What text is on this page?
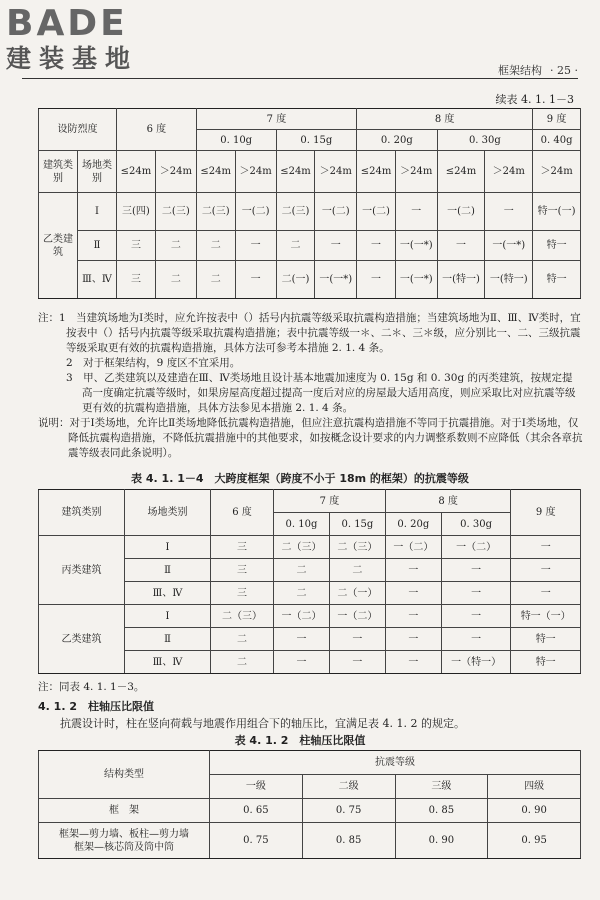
BADE
建装基地	框架结构 · 25 ·
续表 4. 1. 1－3
设防烈度		6 度		7 度				8 度				9 度
				0. 10g		0. 15g		0. 20g		0. 30g		0. 40g
建筑类别	场地类别	≤24m	＞24m	≤24m	＞24m	≤24m	＞24m	≤24m	＞24m	≤24m	＞24m	＞24m
乙类建筑	Ⅰ	三(四)	二(三)	二(三)	一(二)	二(三)	一(二)	一(二)	一	一(二)	一	特一(一)
	Ⅱ	三	二	二	一	二	一	一	一(一*)	一	一(一*)	特一
	Ⅲ、Ⅳ	三	二	二	一	二(一)	一(一*)	一	一(一*)	一(特一)	一(特一)	特一

注：1　当建筑场地为Ⅰ类时，应允许按表中（）括号内抗震等级采取抗震构造措施；当建筑场地为Ⅱ、Ⅲ、Ⅳ类时，宜按表中（）括号内抗震等级采取抗震构造措施；表中抗震等级一＊、二＊、三＊级，应分别比一、二、三级抗震等级采取更有效的抗震构造措施，具体方法可参考本措施 2. 1. 4 条。

2　对于框架结构，9 度区不宜采用。

3　甲、乙类建筑以及建造在Ⅲ、Ⅳ类场地且设计基本地震加速度为 0. 15g 和 0. 30g 的丙类建筑，按规定提高一度确定抗震等级时，如果房屋高度超过提高一度后对应的房屋最大适用高度，则应采取比对应抗震等级更有效的抗震构造措施，具体方法参见本措施 2. 1. 4 条。

说明：对于Ⅰ类场地，允许比Ⅱ类场地降低抗震构造措施，但应注意抗震构造措施不等同于抗震措施。对于Ⅰ类场地，仅降低抗震构造措施，不降低抗震措施中的其他要求，如按概念设计要求的内力调整系数则不应降低（其余各章抗震等级表同此条说明）。

表 4. 1. 1－4　大跨度框架（跨度不小于 18m 的框架）的抗震等级
建筑类别	场地类别	6 度	7 度		8 度		9 度
			0. 10g	0. 15g	0. 20g	0. 30g	
丙类建筑	Ⅰ	三	二（三）	二（三）	一（二）	一（二）	一
	Ⅱ	三	二	二	一	一	一
	Ⅲ、Ⅳ	三	二	二（一）	一	一	一
乙类建筑	Ⅰ	二（三）	一（二）	一（二）	一	一	特一（一）
	Ⅱ	二	一	一	一	一	特一
	Ⅲ、Ⅳ	二	一	一	一	一（特一）	特一
注：同表 4. 1. 1－3。
4. 1. 2　柱轴压比限值
抗震设计时，柱在竖向荷载与地震作用组合下的轴压比，宜满足表 4. 1. 2 的规定。
表 4. 1. 2　柱轴压比限值
结构类型	抗震等级			
	一级	二级	三级	四级
框　架	0. 65	0. 75	0. 85	0. 90

框架—剪力墙、板柱—剪力墙
框架—核芯筒及筒中筒	0. 75	0. 85	0. 90	0. 95
